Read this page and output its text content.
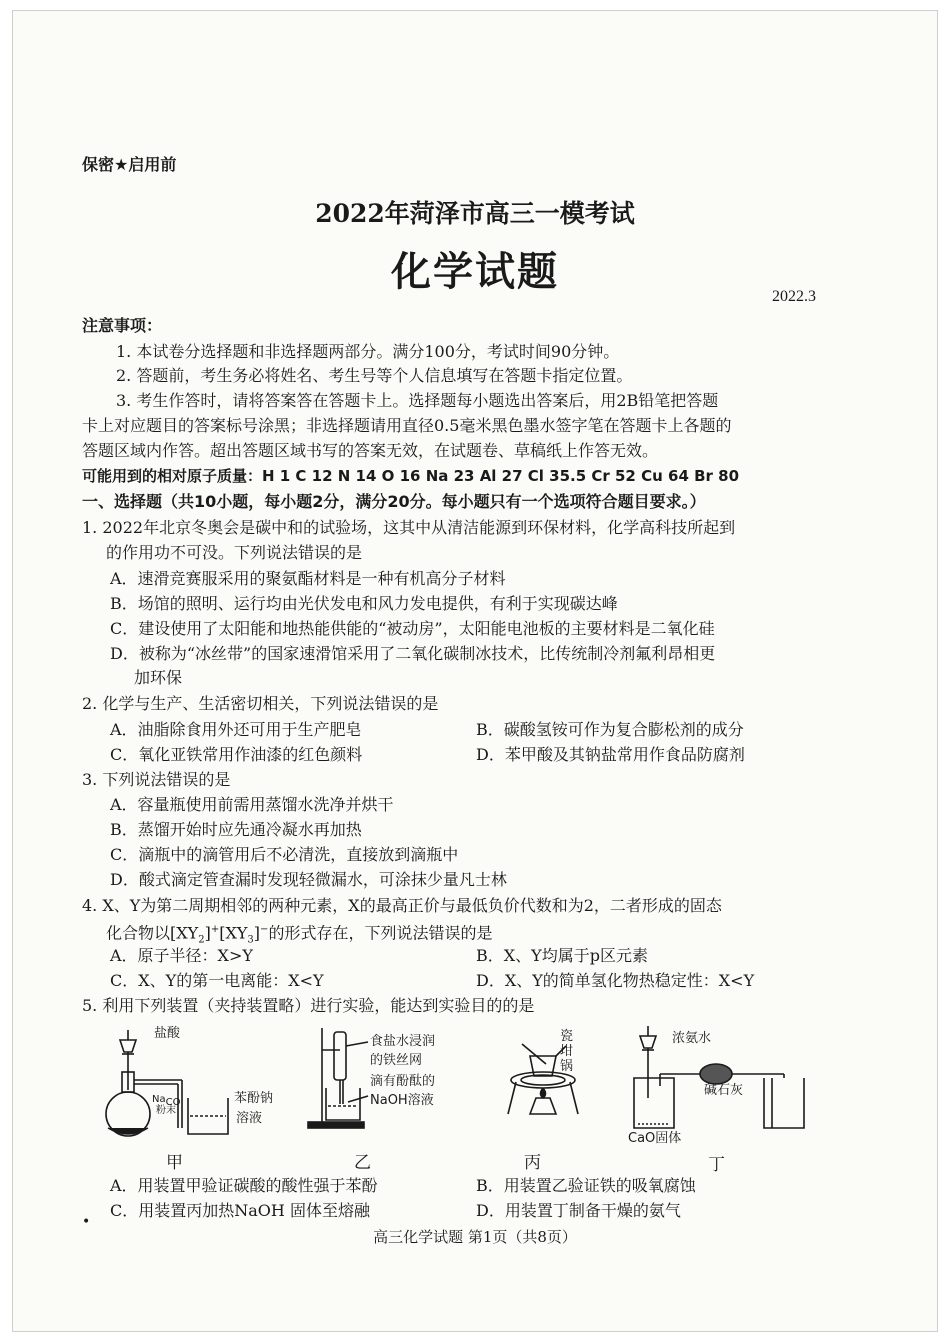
保密★启用前
2022年菏泽市高三一模考试
化学试题
2022.3
注意事项：
1. 本试卷分选择题和非选择题两部分。满分100分，考试时间90分钟。
2. 答题前，考生务必将姓名、考生号等个人信息填写在答题卡指定位置。
3. 考生作答时，请将答案答在答题卡上。选择题每小题选出答案后，用2B铅笔把答题
卡上对应题目的答案标号涂黑；非选择题请用直径0.5毫米黑色墨水签字笔在答题卡上各题的
答题区域内作答。超出答题区域书写的答案无效，在试题卷、草稿纸上作答无效。
可能用到的相对原子质量：H 1 C 12 N 14 O 16 Na 23 Al 27 Cl 35.5 Cr 52 Cu 64 Br 80
一、选择题（共10小题，每小题2分，满分20分。每小题只有一个选项符合题目要求。）
1. 2022年北京冬奥会是碳中和的试验场，这其中从清洁能源到环保材料，化学高科技所起到
的作用功不可没。下列说法错误的是
A．速滑竞赛服采用的聚氨酯材料是一种有机高分子材料
B．场馆的照明、运行均由光伏发电和风力发电提供，有利于实现碳达峰
C．建设使用了太阳能和地热能供能的“被动房”，太阳能电池板的主要材料是二氧化硅
D．被称为“冰丝带”的国家速滑馆采用了二氧化碳制冰技术，比传统制冷剂氟利昂相更
加环保
2. 化学与生产、生活密切相关，下列说法错误的是
A．油脂除食用外还可用于生产肥皂	B．碳酸氢铵可作为复合膨松剂的成分
C．氧化亚铁常用作油漆的红色颜料	D．苯甲酸及其钠盐常用作食品防腐剂
3. 下列说法错误的是
A．容量瓶使用前需用蒸馏水洗净并烘干
B．蒸馏开始时应先通冷凝水再加热
C．滴瓶中的滴管用后不必清洗，直接放到滴瓶中
D．酸式滴定管查漏时发现轻微漏水，可涂抹少量凡士林
4. X、Y为第二周期相邻的两种元素，X的最高正价与最低负价代数和为2，二者形成的固态
化合物以$[XY_2]^+[XY_3]^-$的形式存在，下列说法错误的是
A．原子半径：X>Y	B．X、Y均属于p区元素
C．X、Y的第一电离能：X<Y	D．X、Y的简单氢化物热稳定性：X<Y
5. 利用下列装置（夹持装置略）进行实验，能达到实验目的的是
盐酸
$Na_{CO}$
粉末
苯酚钠
溶液
食盐水浸润
的铁丝网
滴有酚酞的
NaOH溶液
瓷
坩
锅
浓氨水
碱石灰
CaO固体
甲	乙	丙	丁
A．用装置甲验证碳酸的酸性强于苯酚	B．用装置乙验证铁的吸氧腐蚀
C．用装置丙加热NaOH 固体至熔融	D．用装置丁制备干燥的氨气
•
高三化学试题 第1页（共8页）
